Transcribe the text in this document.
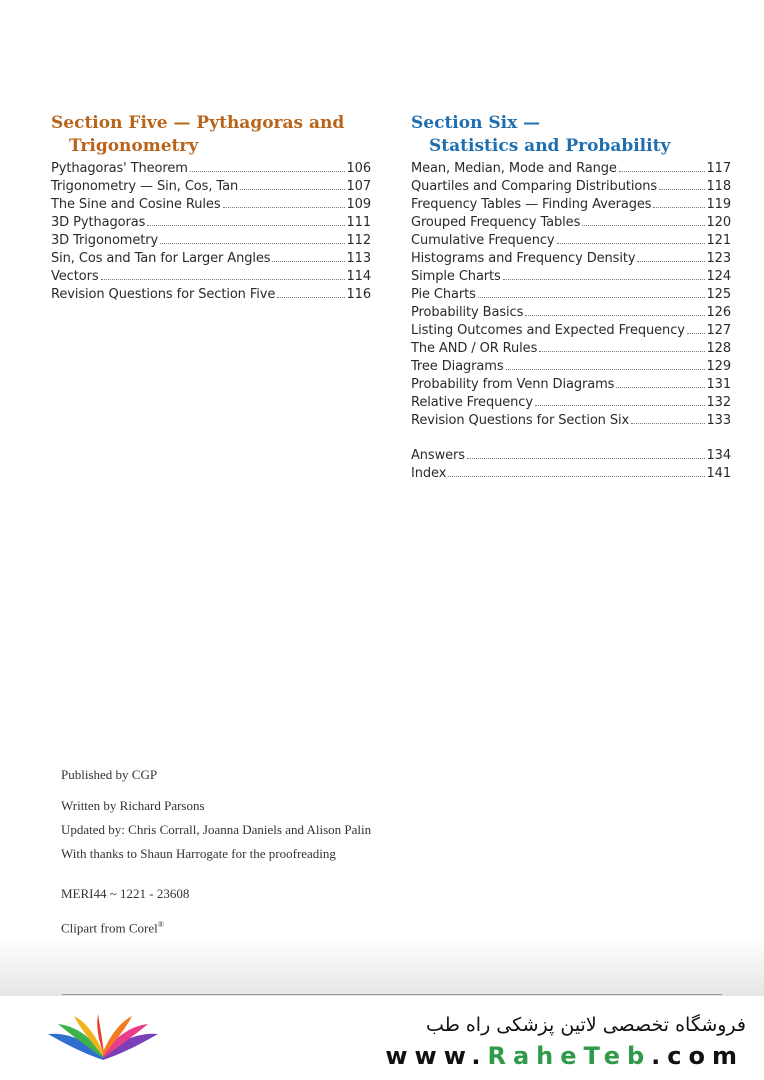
Section Five — Pythagoras and
Trigonometry
Pythagoras' Theorem	106
Trigonometry — Sin, Cos, Tan	107
The Sine and Cosine Rules	109
3D Pythagoras	111
3D Trigonometry	112
Sin, Cos and Tan for Larger Angles	113
Vectors	114
Revision Questions for Section Five	116
Section Six —
Statistics and Probability
Mean, Median, Mode and Range	117
Quartiles and Comparing Distributions	118
Frequency Tables — Finding Averages	119
Grouped Frequency Tables	120
Cumulative Frequency	121
Histograms and Frequency Density	123
Simple Charts	124
Pie Charts	125
Probability Basics	126
Listing Outcomes and Expected Frequency 127
The AND / OR Rules	128
Tree Diagrams	129
Probability from Venn Diagrams	131
Relative Frequency	132
Revision Questions for Section Six	133
Answers	134
Index	141
Published by CGP
Written by Richard Parsons
Updated by: Chris Corrall, Joanna Daniels and Alison Palin
With thanks to Shaun Harrogate for the proofreading
MERI44 ~ 1221 - 23608
Clipart from Corel®
فروشگاه تخصصی لاتین پزشکی راه طب
www.RaheTeb.com
